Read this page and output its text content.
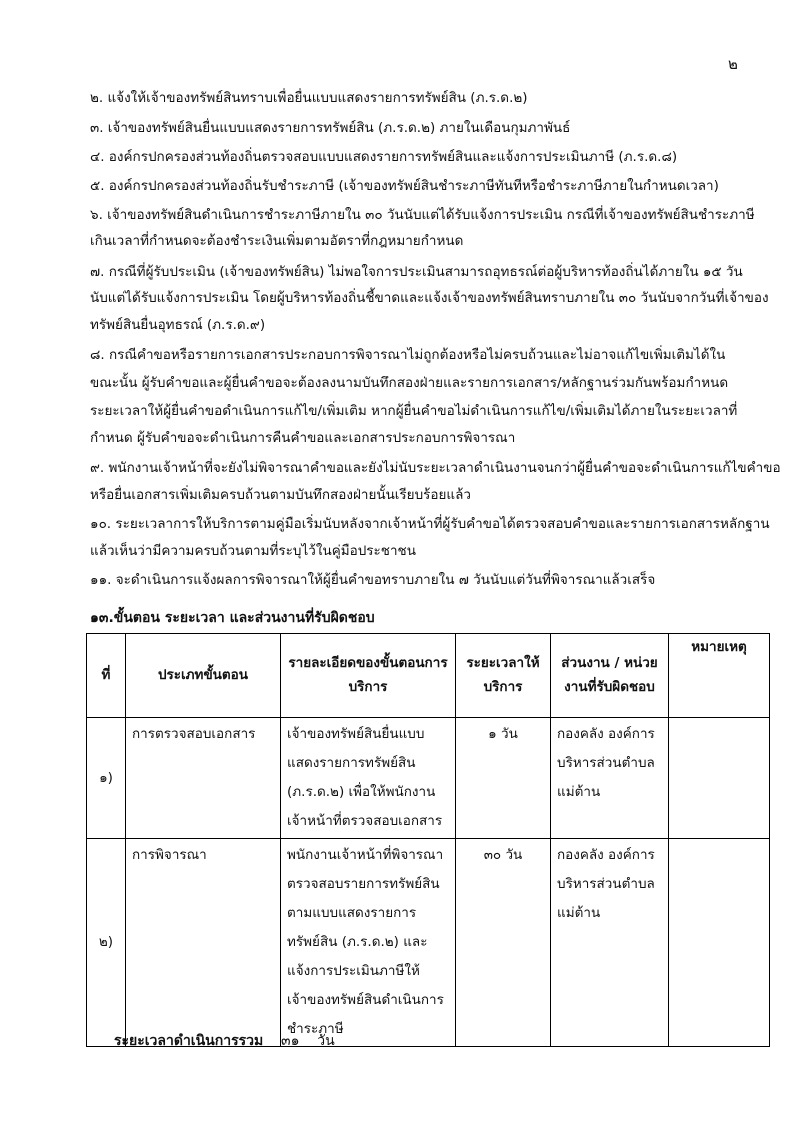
๒
๒. แจ้งให้เจ้าของทรัพย์สินทราบเพื่อยื่นแบบแสดงรายการทรัพย์สิน (ภ.ร.ด.๒)
๓. เจ้าของทรัพย์สินยื่นแบบแสดงรายการทรัพย์สิน (ภ.ร.ด.๒) ภายในเดือนกุมภาพันธ์
๔. องค์กรปกครองส่วนท้องถิ่นตรวจสอบแบบแสดงรายการทรัพย์สินและแจ้งการประเมินภาษี (ภ.ร.ด.๘)
๕. องค์กรปกครองส่วนท้องถิ่นรับชำระภาษี (เจ้าของทรัพย์สินชำระภาษีทันทีหรือชำระภาษีภายในกำหนดเวลา)
๖. เจ้าของทรัพย์สินดำเนินการชำระภาษีภายใน ๓๐ วันนับแต่ได้รับแจ้งการประเมิน กรณีที่เจ้าของทรัพย์สินชำระภาษี
เกินเวลาที่กำหนดจะต้องชำระเงินเพิ่มตามอัตราที่กฎหมายกำหนด
๗. กรณีที่ผู้รับประเมิน (เจ้าของทรัพย์สิน) ไม่พอใจการประเมินสามารถอุทธรณ์ต่อผู้บริหารท้องถิ่นได้ภายใน ๑๕ วัน
นับแต่ได้รับแจ้งการประเมิน โดยผู้บริหารท้องถิ่นชี้ขาดและแจ้งเจ้าของทรัพย์สินทราบภายใน ๓๐ วันนับจากวันที่เจ้าของ
ทรัพย์สินยื่นอุทธรณ์ (ภ.ร.ด.๙)
๘. กรณีคำขอหรือรายการเอกสารประกอบการพิจารณาไม่ถูกต้องหรือไม่ครบถ้วนและไม่อาจแก้ไขเพิ่มเติมได้ใน
ขณะนั้น ผู้รับคำขอและผู้ยื่นคำขอจะต้องลงนามบันทึกสองฝ่ายและรายการเอกสาร/หลักฐานร่วมกันพร้อมกำหนด
ระยะเวลาให้ผู้ยื่นคำขอดำเนินการแก้ไข/เพิ่มเติม หากผู้ยื่นคำขอไม่ดำเนินการแก้ไข/เพิ่มเติมได้ภายในระยะเวลาที่
กำหนด ผู้รับคำขอจะดำเนินการคืนคำขอและเอกสารประกอบการพิจารณา
๙. พนักงานเจ้าหน้าที่จะยังไม่พิจารณาคำขอและยังไม่นับระยะเวลาดำเนินงานจนกว่าผู้ยื่นคำขอจะดำเนินการแก้ไขคำขอ
หรือยื่นเอกสารเพิ่มเติมครบถ้วนตามบันทึกสองฝ่ายนั้นเรียบร้อยแล้ว
๑๐. ระยะเวลาการให้บริการตามคู่มือเริ่มนับหลังจากเจ้าหน้าที่ผู้รับคำขอได้ตรวจสอบคำขอและรายการเอกสารหลักฐาน
แล้วเห็นว่ามีความครบถ้วนตามที่ระบุไว้ในคู่มือประชาชน
๑๑. จะดำเนินการแจ้งผลการพิจารณาให้ผู้ยื่นคำขอทราบภายใน ๗ วันนับแต่วันที่พิจารณาแล้วเสร็จ
๑๓.ขั้นตอน ระยะเวลา และส่วนงานที่รับผิดชอบ
ที่	ประเภทขั้นตอน	รายละเอียดของขั้นตอนการบริการ	ระยะเวลาให้บริการ	ส่วนงาน / หน่วยงานที่รับผิดชอบ	หมายเหตุ
๑)	การตรวจสอบเอกสาร	เจ้าของทรัพย์สินยื่นแบบแสดงรายการทรัพย์สิน (ภ.ร.ด.๒) เพื่อให้พนักงานเจ้าหน้าที่ตรวจสอบเอกสาร	๑ วัน	กองคลัง องค์การบริหารส่วนตำบลแม่ต้าน	
๒)	การพิจารณา	พนักงานเจ้าหน้าที่พิจารณาตรวจสอบรายการทรัพย์สินตามแบบแสดงรายการทรัพย์สิน (ภ.ร.ด.๒) และแจ้งการประเมินภาษีให้เจ้าของทรัพย์สินดำเนินการชำระภาษี	๓๐ วัน	กองคลัง องค์การบริหารส่วนตำบลแม่ต้าน	
ระยะเวลาดำเนินการรวม ๓๑ วัน
